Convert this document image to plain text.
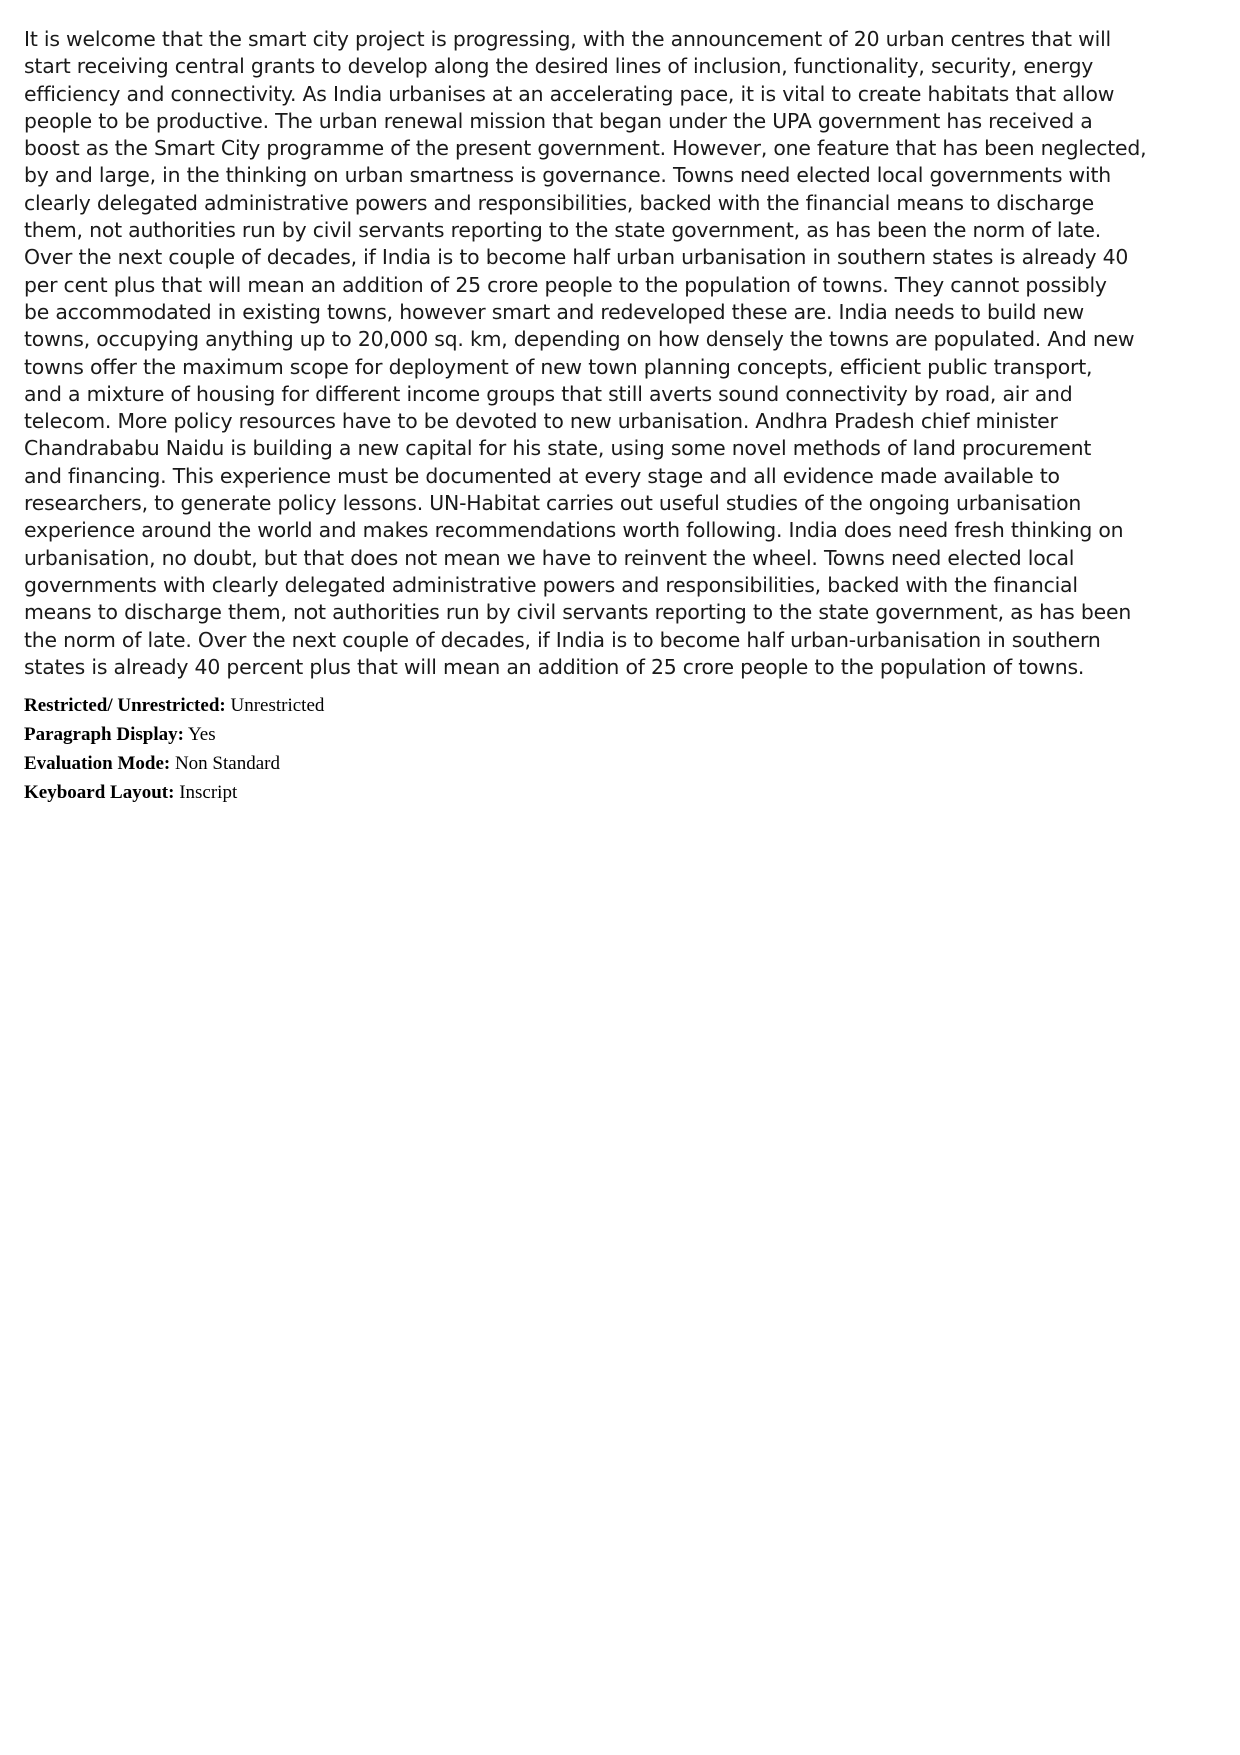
It is welcome that the smart city project is progressing, with the announcement of 20 urban centres that will
start receiving central grants to develop along the desired lines of inclusion, functionality, security, energy
efficiency and connectivity. As India urbanises at an accelerating pace, it is vital to create habitats that allow
people to be productive. The urban renewal mission that began under the UPA government has received a
boost as the Smart City programme of the present government. However, one feature that has been neglected,
by and large, in the thinking on urban smartness is governance. Towns need elected local governments with
clearly delegated administrative powers and responsibilities, backed with the financial means to discharge
them, not authorities run by civil servants reporting to the state government, as has been the norm of late.
Over the next couple of decades, if India is to become half urban urbanisation in southern states is already 40
per cent plus that will mean an addition of 25 crore people to the population of towns. They cannot possibly
be accommodated in existing towns, however smart and redeveloped these are. India needs to build new
towns, occupying anything up to 20,000 sq. km, depending on how densely the towns are populated. And new
towns offer the maximum scope for deployment of new town planning concepts, efficient public transport,
and a mixture of housing for different income groups that still averts sound connectivity by road, air and
telecom. More policy resources have to be devoted to new urbanisation. Andhra Pradesh chief minister
Chandrababu Naidu is building a new capital for his state, using some novel methods of land procurement
and financing. This experience must be documented at every stage and all evidence made available to
researchers, to generate policy lessons. UN-Habitat carries out useful studies of the ongoing urbanisation
experience around the world and makes recommendations worth following. India does need fresh thinking on
urbanisation, no doubt, but that does not mean we have to reinvent the wheel. Towns need elected local
governments with clearly delegated administrative powers and responsibilities, backed with the financial
means to discharge them, not authorities run by civil servants reporting to the state government, as has been
the norm of late. Over the next couple of decades, if India is to become half urban-urbanisation in southern
states is already 40 percent plus that will mean an addition of 25 crore people to the population of towns.

Restricted/ Unrestricted: Unrestricted
Paragraph Display: Yes
Evaluation Mode: Non Standard
Keyboard Layout: Inscript
